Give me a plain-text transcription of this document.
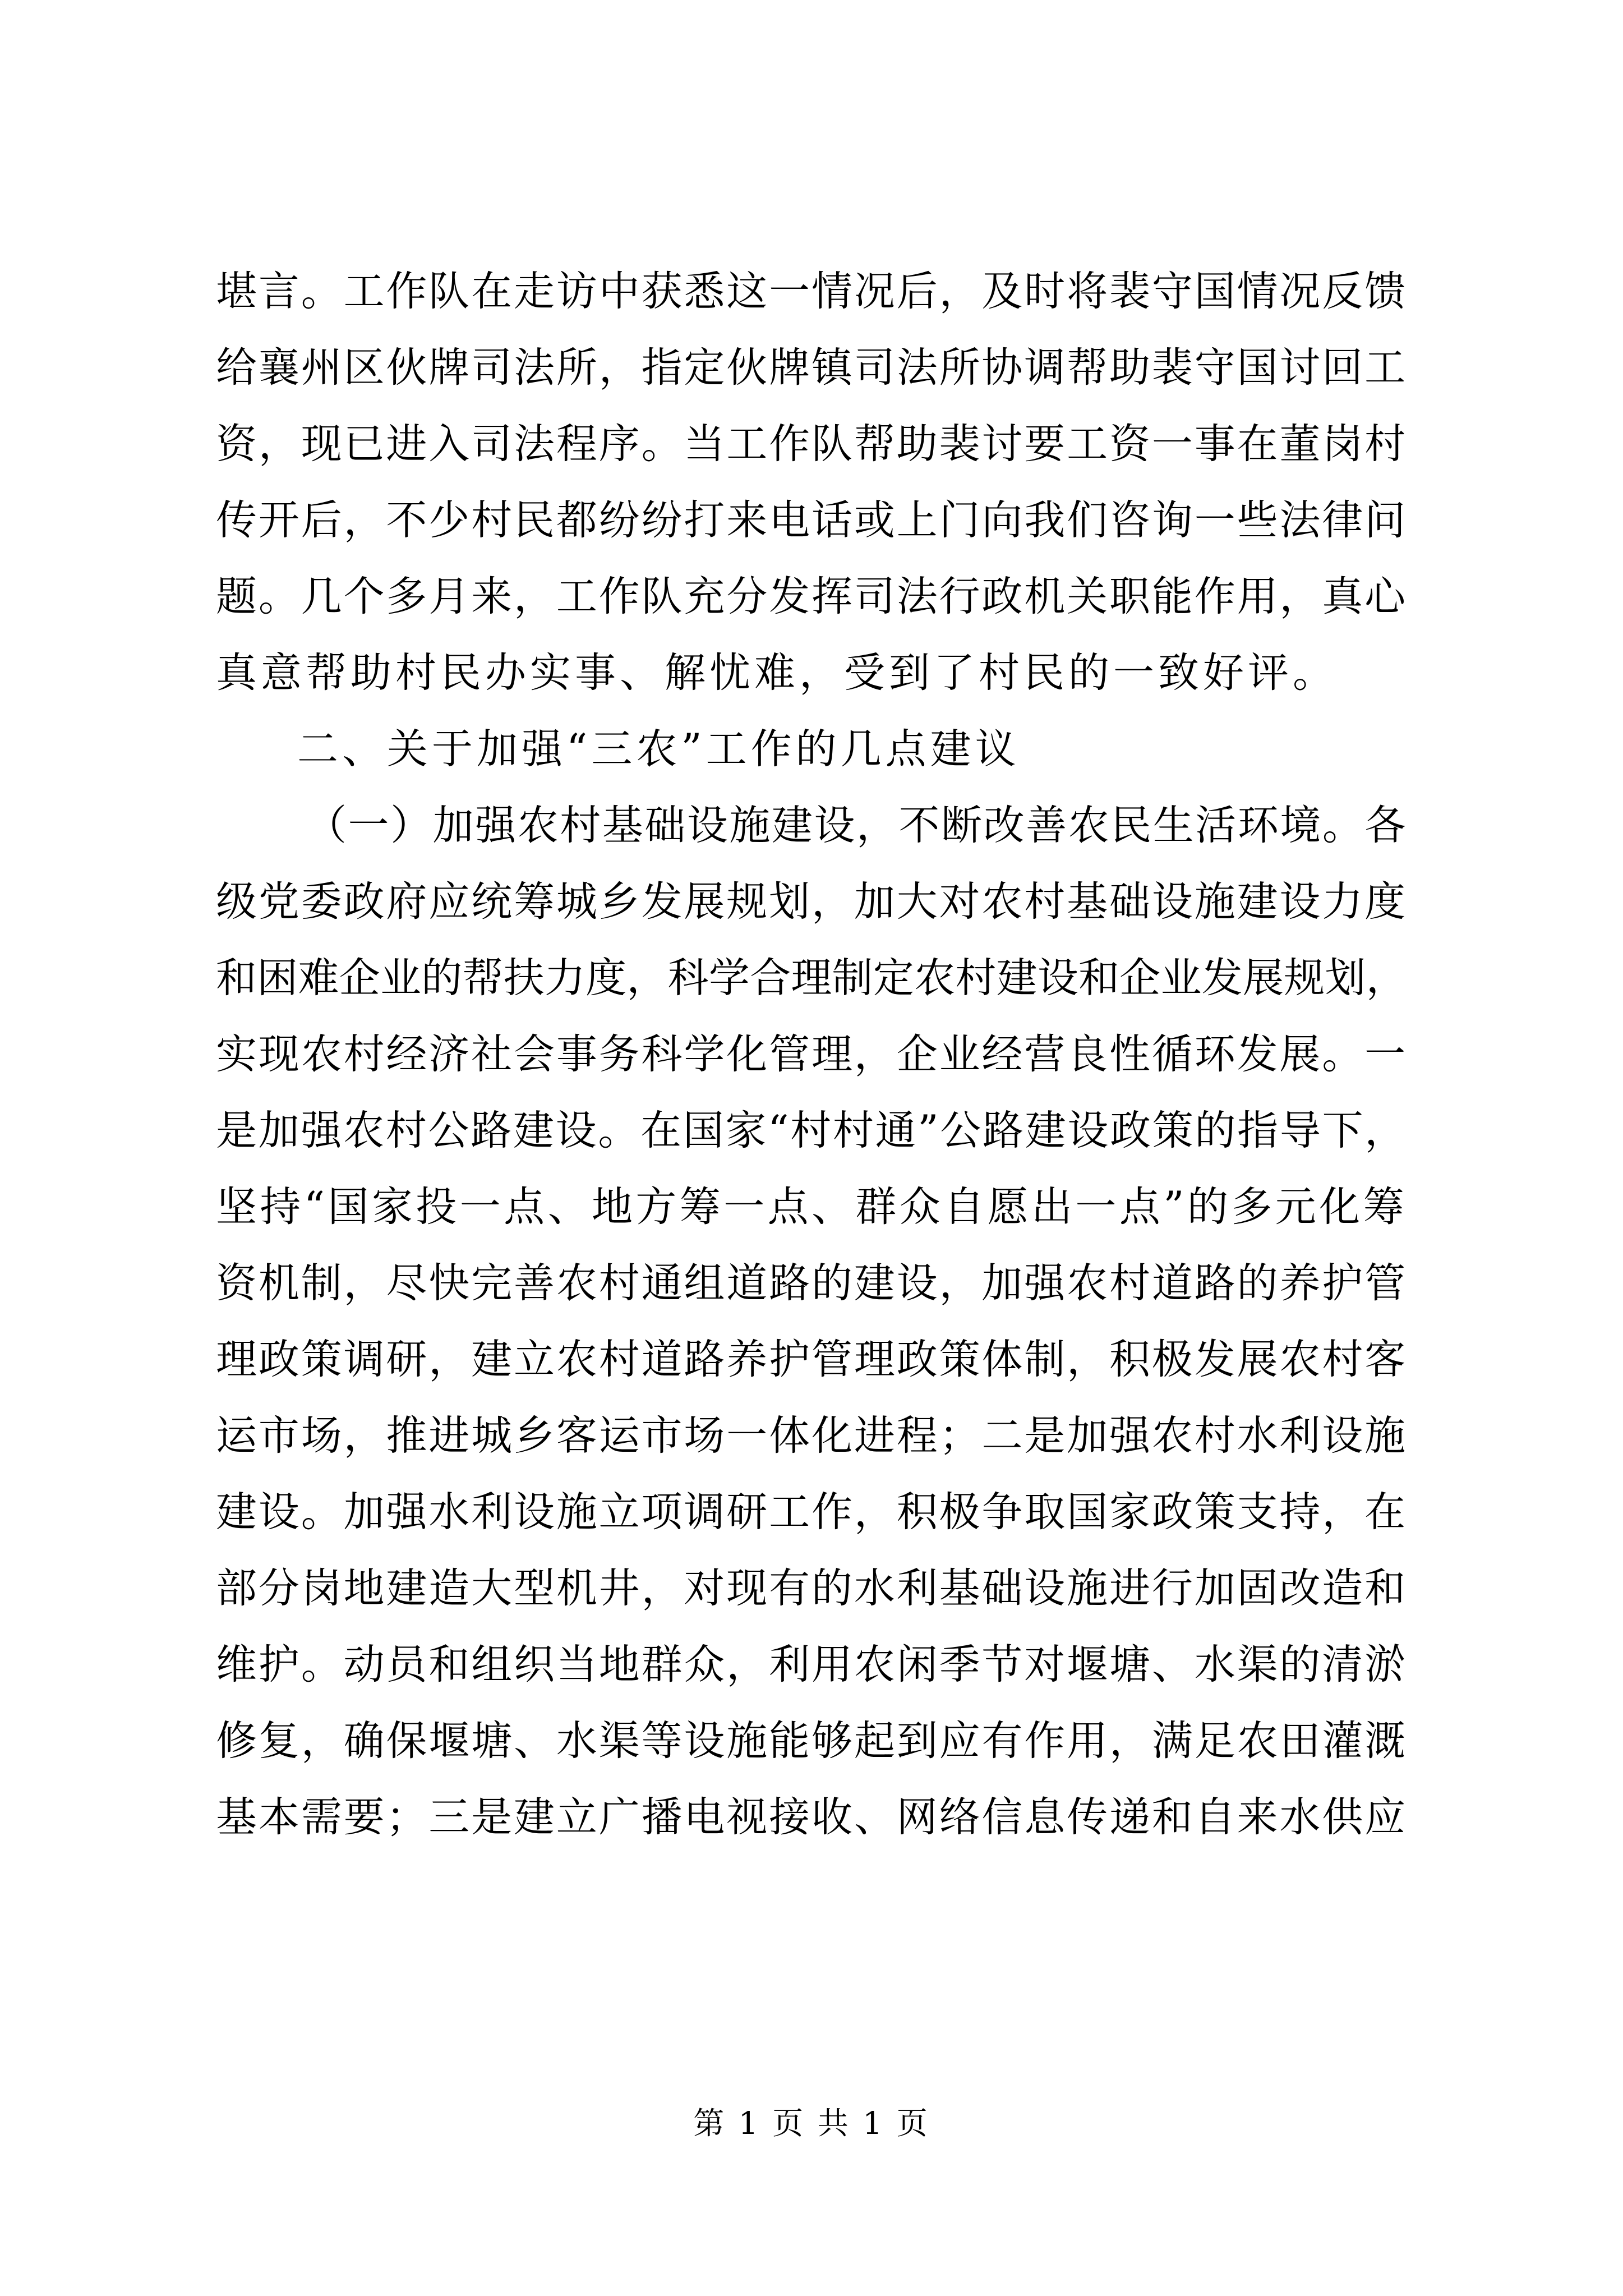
堪言。工作队在走访中获悉这一情况后，及时将裴守国情况反馈
给襄州区伙牌司法所，指定伙牌镇司法所协调帮助裴守国讨回工
资，现已进入司法程序。当工作队帮助裴讨要工资一事在董岗村
传开后，不少村民都纷纷打来电话或上门向我们咨询一些法律问
题。几个多月来，工作队充分发挥司法行政机关职能作用，真心
真意帮助村民办实事、解忧难，受到了村民的一致好评。
二、关于加强“三农”工作的几点建议
（一）加强农村基础设施建设，不断改善农民生活环境。各
级党委政府应统筹城乡发展规划，加大对农村基础设施建设力度
和困难企业的帮扶力度，科学合理制定农村建设和企业发展规划，
实现农村经济社会事务科学化管理，企业经营良性循环发展。一
是加强农村公路建设。在国家“村村通”公路建设政策的指导下，
坚持“国家投一点、地方筹一点、群众自愿出一点”的多元化筹
资机制，尽快完善农村通组道路的建设，加强农村道路的养护管
理政策调研，建立农村道路养护管理政策体制，积极发展农村客
运市场，推进城乡客运市场一体化进程；二是加强农村水利设施
建设。加强水利设施立项调研工作，积极争取国家政策支持，在
部分岗地建造大型机井，对现有的水利基础设施进行加固改造和
维护。动员和组织当地群众，利用农闲季节对堰塘、水渠的清淤
修复，确保堰塘、水渠等设施能够起到应有作用，满足农田灌溉
基本需要；三是建立广播电视接收、网络信息传递和自来水供应
第 1 页 共 1 页
